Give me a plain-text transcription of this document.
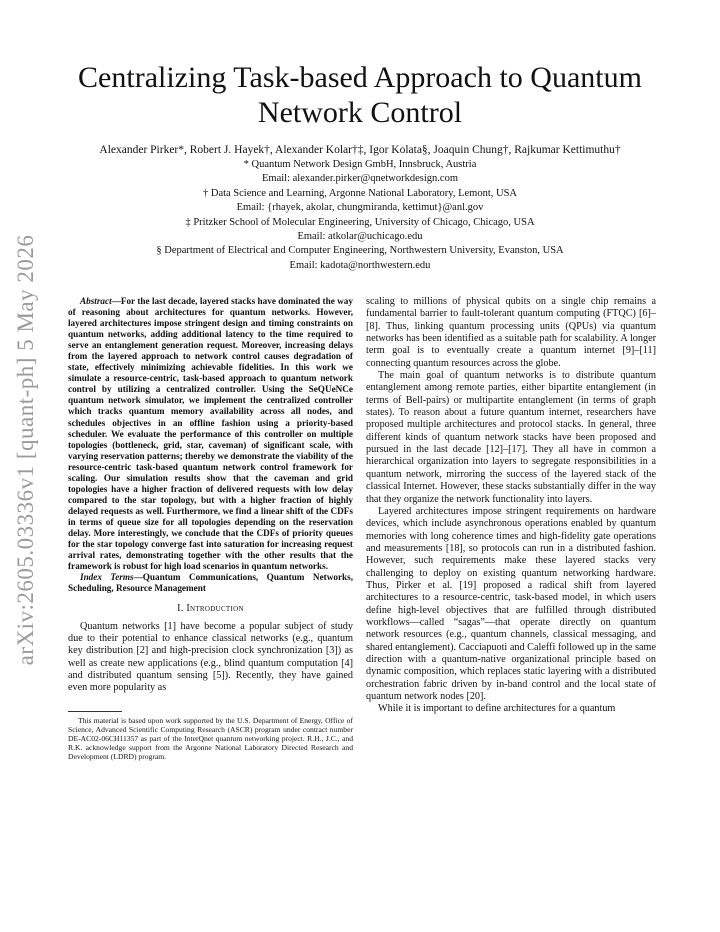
arXiv:2605.03336v1 [quant-ph] 5 May 2026
Centralizing Task-based Approach to Quantum
Network Control
Alexander Pirker*, Robert J. Hayek†, Alexander Kolar†‡, Igor Kolata§, Joaquin Chung†, Rajkumar Kettimuthu†
* Quantum Network Design GmbH, Innsbruck, Austria
Email: alexander.pirker@qnetworkdesign.com
† Data Science and Learning, Argonne National Laboratory, Lemont, USA
Email: {rhayek, akolar, chungmiranda, kettimut}@anl.gov
‡ Pritzker School of Molecular Engineering, University of Chicago, Chicago, USA
Email: atkolar@uchicago.edu
§ Department of Electrical and Computer Engineering, Northwestern University, Evanston, USA
Email: kadota@northwestern.edu

Abstract—For the last decade, layered stacks have dominated the way of reasoning about architectures for quantum networks. However, layered architectures impose stringent design and timing constraints on quantum networks, adding additional latency to the time required to serve an entanglement generation request. Moreover, increasing delays from the layered approach to network control causes degradation of state, effectively minimizing achievable fidelities. In this work we simulate a resource-centric, task-based approach to quantum network control by utilizing a centralized controller. Using the SeQUeNCe quantum network simulator, we implement the centralized controller which tracks quantum memory availability across all nodes, and schedules objectives in an offline fashion using a priority-based scheduler. We evaluate the performance of this controller on multiple topologies (bottleneck, grid, star, caveman) of significant scale, with varying reservation patterns; thereby we demonstrate the viability of the resource-centric task-based quantum network control framework for scaling. Our simulation results show that the caveman and grid topologies have a higher fraction of delivered requests with low delay compared to the star topology, but with a higher fraction of highly delayed requests as well. Furthermore, we find a linear shift of the CDFs in terms of queue size for all topologies depending on the reservation delay. More interestingly, we conclude that the CDFs of priority queues for the star topology converge fast into saturation for increasing request arrival rates, demonstrating together with the other results that the framework is robust for high load scenarios in quantum networks.

Index Terms—Quantum Communications, Quantum Networks, Scheduling, Resource Management

I. Introduction

Quantum networks [1] have become a popular subject of study due to their potential to enhance classical networks (e.g., quantum key distribution [2] and high-precision clock synchronization [3]) as well as create new applications (e.g., blind quantum computation [4] and distributed quantum sensing [5]). Recently, they have gained even more popularity as

This material is based upon work supported by the U.S. Department of Energy, Office of Science, Advanced Scientific Computing Research (ASCR) program under contract number DE-AC02-06CH11357 as part of the InterQnet quantum networking project. R.H., J.C., and R.K. acknowledge support from the Argonne National Laboratory Directed Research and Development (LDRD) program.

scaling to millions of physical qubits on a single chip remains a fundamental barrier to fault-tolerant quantum computing (FTQC) [6]–[8]. Thus, linking quantum processing units (QPUs) via quantum networks has been identified as a suitable path for scalability. A longer term goal is to eventually create a quantum internet [9]–[11] connecting quantum resources across the globe.

The main goal of quantum networks is to distribute quantum entanglement among remote parties, either bipartite entanglement (in terms of Bell-pairs) or multipartite entanglement (in terms of graph states). To reason about a future quantum internet, researchers have proposed multiple architectures and protocol stacks. In general, three different kinds of quantum network stacks have been proposed and pursued in the last decade [12]–[17]. They all have in common a hierarchical organization into layers to segregate responsibilities in a quantum network, mirroring the success of the layered stack of the classical Internet. However, these stacks substantially differ in the way that they organize the network functionality into layers.

Layered architectures impose stringent requirements on hardware devices, which include asynchronous operations enabled by quantum memories with long coherence times and high-fidelity gate operations and measurements [18], so protocols can run in a distributed fashion. However, such requirements make these layered stacks very challenging to deploy on existing quantum networking hardware. Thus, Pirker et al. [19] proposed a radical shift from layered architectures to a resource-centric, task-based model, in which users define high-level objectives that are fulfilled through distributed workflows—called “sagas”—that operate directly on quantum network resources (e.g., quantum channels, classical messaging, and shared entanglement). Cacciapuoti and Caleffi followed up in the same direction with a quantum-native organizational principle based on dynamic composition, which replaces static layering with a distributed orchestration fabric driven by in-band control and the local state of quantum network nodes [20].

While it is important to define architectures for a quantum
